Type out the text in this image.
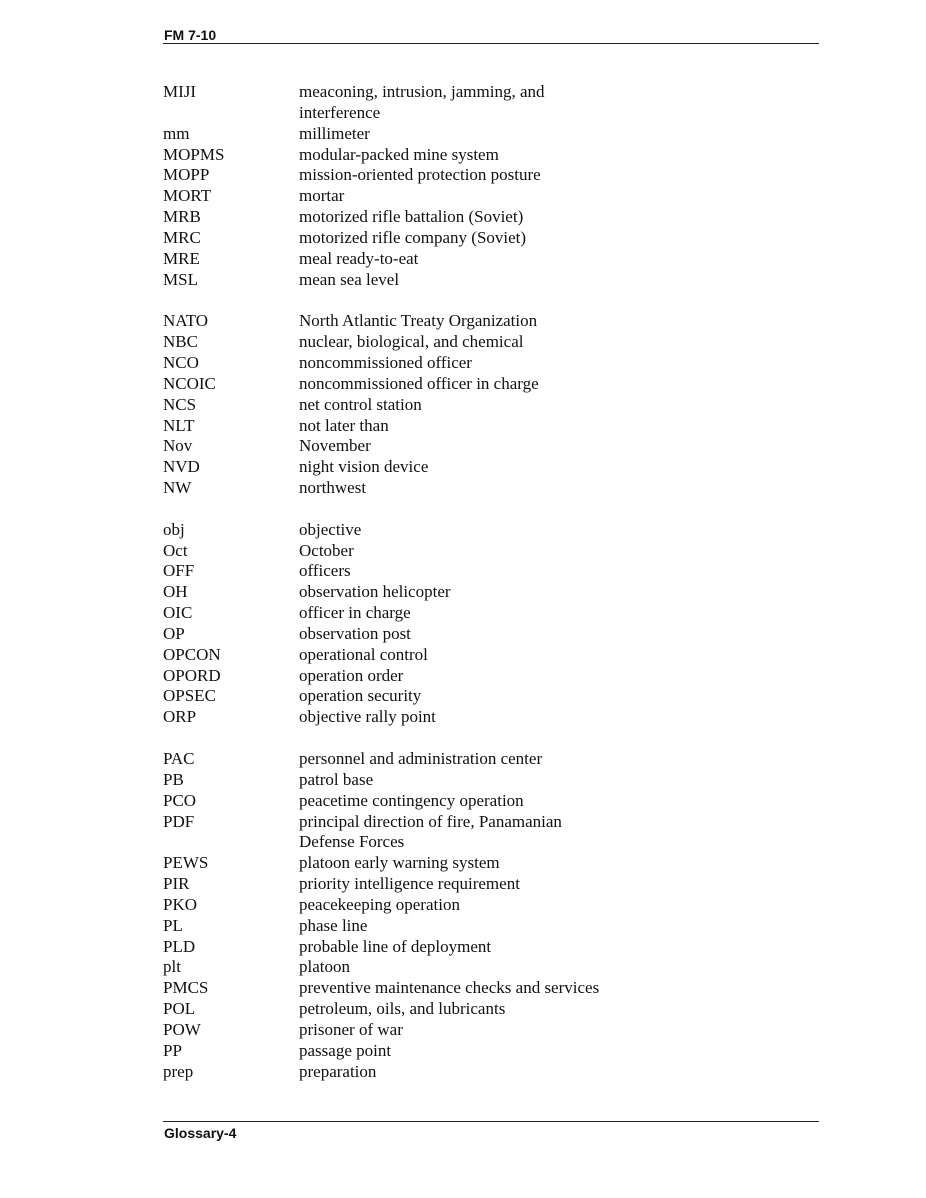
FM 7-10
MIJI	meaconing, intrusion, jamming, and
interference
mm	millimeter
MOPMS	modular-packed mine system
MOPP	mission-oriented protection posture
MORT	mortar
MRB	motorized rifle battalion (Soviet)
MRC	motorized rifle company (Soviet)
MRE	meal ready-to-eat
MSL	mean sea level
NATO	North Atlantic Treaty Organization
NBC	nuclear, biological, and chemical
NCO	noncommissioned officer
NCOIC	noncommissioned officer in charge
NCS	net control station
NLT	not later than
Nov	November
NVD	night vision device
NW	northwest
obj	objective
Oct	October
OFF	officers
OH	observation helicopter
OIC	officer in charge
OP	observation post
OPCON	operational control
OPORD	operation order
OPSEC	operation security
ORP	objective rally point
PAC	personnel and administration center
PB	patrol base
PCO	peacetime contingency operation
PDF	principal direction of fire, Panamanian
Defense Forces
PEWS	platoon early warning system
PIR	priority intelligence requirement
PKO	peacekeeping operation
PL	phase line
PLD	probable line of deployment
plt	platoon
PMCS	preventive maintenance checks and services
POL	petroleum, oils, and lubricants
POW	prisoner of war
PP	passage point
prep	preparation
Glossary-4
